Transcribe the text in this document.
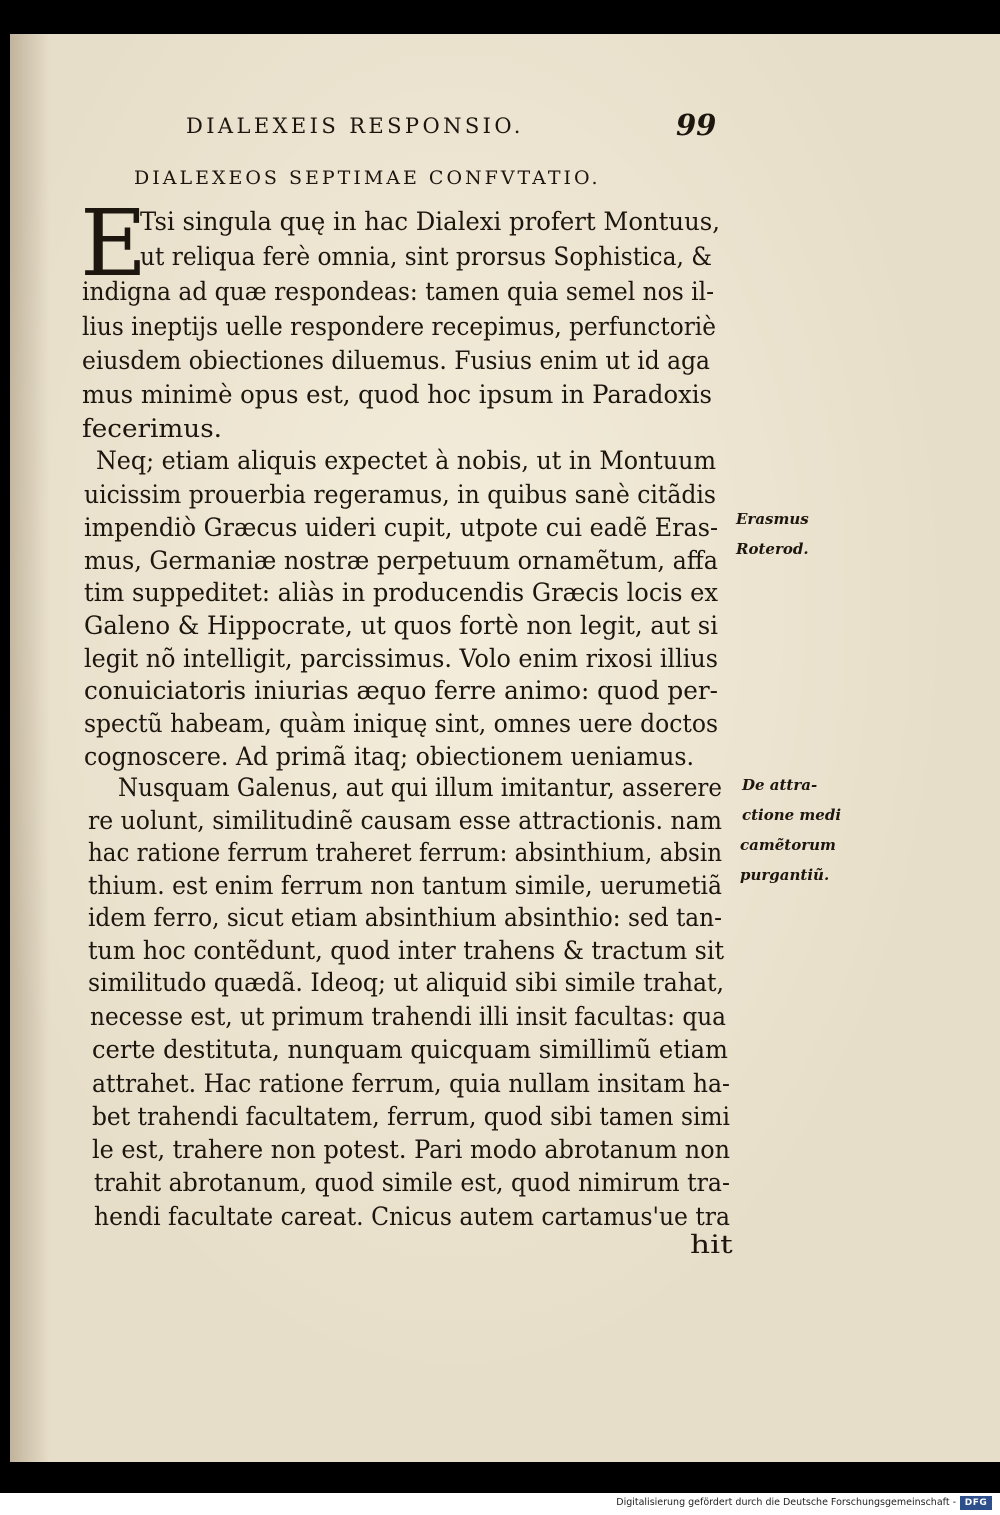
DIALEXEIS RESPONSIO.	99
DIALEXEOS SEPTIMAE CONFVTATIO.
E
Tsi singula quę in hac Dialexi profert Montuus,
ut reliqua ferè omnia, sint prorsus Sophistica, &
indigna ad quæ respondeas: tamen quia semel nos il-
lius ineptijs uelle respondere recepimus, perfunctoriè
eiusdem obiectiones diluemus. Fusius enim ut id aga
mus minimè opus est, quod hoc ipsum in Paradoxis
fecerimus.
Neq; etiam aliquis expectet à nobis, ut in Montuum
uicissim prouerbia regeramus, in quibus sanè citãdis
impendiò Græcus uideri cupit, utpote cui eadẽ Eras-
mus, Germaniæ nostræ perpetuum ornamẽtum, affa
tim suppeditet: aliàs in producendis Græcis locis ex
Galeno & Hippocrate, ut quos fortè non legit, aut si
legit nõ intelligit, parcissimus. Volo enim rixosi illius
conuiciatoris iniurias æquo ferre animo: quod per-
spectũ habeam, quàm iniquę sint, omnes uere doctos
cognoscere. Ad primã itaq; obiectionem ueniamus.
Nusquam Galenus, aut qui illum imitantur, asserere
re uolunt, similitudinẽ causam esse attractionis. nam
hac ratione ferrum traheret ferrum: absinthium, absin
thium. est enim ferrum non tantum simile, uerumetiã
idem ferro, sicut etiam absinthium absinthio: sed tan-
tum hoc contẽdunt, quod inter trahens & tractum sit
similitudo quædã. Ideoq; ut aliquid sibi simile trahat,
necesse est, ut primum trahendi illi insit facultas: qua
certe destituta, nunquam quicquam simillimũ etiam
attrahet. Hac ratione ferrum, quia nullam insitam ha-
bet trahendi facultatem, ferrum, quod sibi tamen simi
le est, trahere non potest. Pari modo abrotanum non
trahit abrotanum, quod simile est, quod nimirum tra-
hendi facultate careat. Cnicus autem cartamus'ue tra
hit
Erasmus
Roterod.
De attra-
ctione medi
camẽtorum
purgantiũ.
Digitalisierung gefördert durch die Deutsche Forschungsgemeinschaft - DFG
